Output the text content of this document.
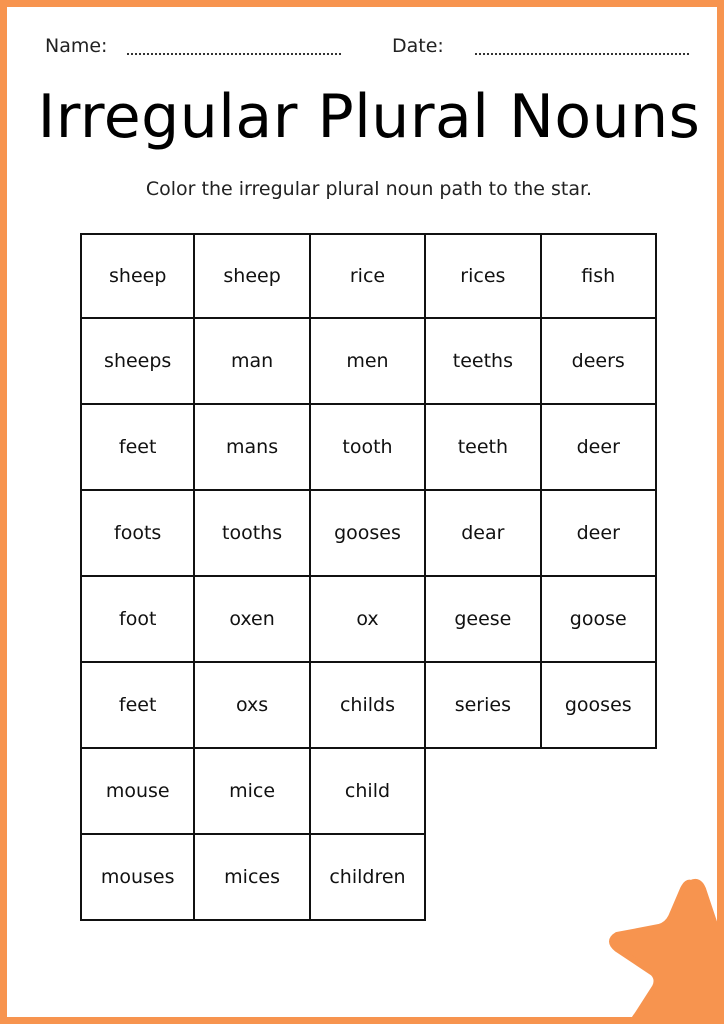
Name:	Date:
Irregular Plural Nouns
Color the irregular plural noun path to the star.
sheep	sheep	rice	rices	fish
sheeps	man	men	teeths	deers
feet	mans	tooth	teeth	deer
foots	tooths	gooses	dear	deer
foot	oxen	ox	geese	goose
feet	oxs	childs	series	gooses
mouse	mice	child
mouses	mices	children
